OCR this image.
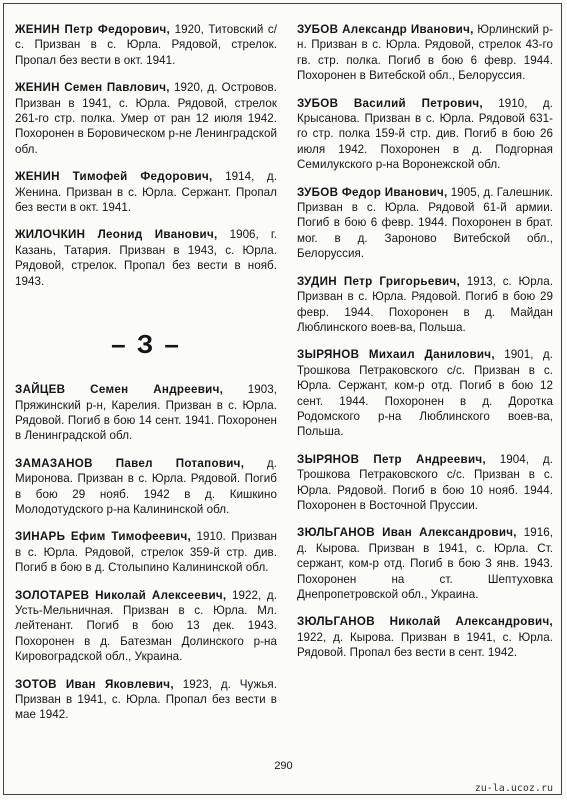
ЖЕНИН Петр Федорович, 1920, Титовский с/с. Призван в с. Юрла. Рядовой, стрелок. Пропал без вести в окт. 1941.

ЖЕНИН Семен Павлович, 1920, д. Островов. Призван в 1941, с. Юрла. Рядовой, стрелок 261-го стр. полка. Умер от ран 12 июля 1942. Похоронен в Боровическом р-не Ленинградской обл.

ЖЕНИН Тимофей Федорович, 1914, д. Женина. Призван в с. Юрла. Сержант. Пропал без вести в окт. 1941.

ЖИЛОЧКИН Леонид Иванович, 1906, г. Казань, Татария. Призван в 1943, с. Юрла. Рядовой, стрелок. Пропал без вести в нояб. 1943.

– З –

ЗАЙЦЕВ Семен Андреевич, 1903, Пряжинский р-н, Карелия. Призван в с. Юрла. Рядовой. Погиб в бою 14 сент. 1941. Похоронен в Ленинградской обл.

ЗАМАЗАНОВ Павел Потапович, д. Миронова. Призван в с. Юрла. Рядовой. Погиб в бою 29 нояб. 1942 в д. Кишкино Молодотудского р-на Калининской обл.

ЗИНАРЬ Ефим Тимофеевич, 1910. Призван в с. Юрла. Рядовой, стрелок 359-й стр. див. Погиб в бою в д. Столыпино Калининской обл.

ЗОЛОТАРЕВ Николай Алексеевич, 1922, д. Усть-Мельничная. Призван в с. Юрла. Мл. лейтенант. Погиб в бою 13 дек. 1943. Похоронен в д. Батезман Долинского р-на Кировоградской обл., Украина.

ЗОТОВ Иван Яковлевич, 1923, д. Чужья. Призван в 1941, с. Юрла. Пропал без вести в мае 1942.

ЗУБОВ Александр Иванович, Юрлинский р-н. Призван в с. Юрла. Рядовой, стрелок 43-го гв. стр. полка. Погиб в бою 6 февр. 1944. Похоронен в Витебской обл., Белоруссия.

ЗУБОВ Василий Петрович, 1910, д. Крысанова. Призван в с. Юрла. Рядовой 631-го стр. полка 159-й стр. див. Погиб в бою 26 июля 1942. Похоронен в д. Подгорная Семилукского р-на Воронежской обл.

ЗУБОВ Федор Иванович, 1905, д. Галешник. Призван в с. Юрла. Рядовой 61-й армии. Погиб в бою 6 февр. 1944. Похоронен в брат. мог. в д. Зароново Витебской обл., Белоруссия.

ЗУДИН Петр Григорьевич, 1913, с. Юрла. Призван в с. Юрла. Рядовой. Погиб в бою 29 февр. 1944. Похоронен в д. Майдан Люблинского воев-ва, Польша.

ЗЫРЯНОВ Михаил Данилович, 1901, д. Трошкова Петраковского с/с. Призван в с. Юрла. Сержант, ком-р отд. Погиб в бою 12 сент. 1944. Похоронен в д. Доротка Родомского р-на Люблинского воев-ва, Польша.

ЗЫРЯНОВ Петр Андреевич, 1904, д. Трошкова Петраковского с/с. Призван в с. Юрла. Рядовой. Погиб в бою 10 нояб. 1944. Похоронен в Восточной Пруссии.

ЗЮЛЬГАНОВ Иван Александрович, 1916, д. Кырова. Призван в 1941, с. Юрла. Ст. сержант, ком-р отд. Погиб в бою 3 янв. 1943. Похоронен на ст. Шептуховка Днепропетровской обл., Украина.

ЗЮЛЬГАНОВ Николай Александрович, 1922, д. Кырова. Призван в 1941, с. Юрла. Рядовой. Пропал без вести в сент. 1942.

290
zu-la.ucoz.ru
